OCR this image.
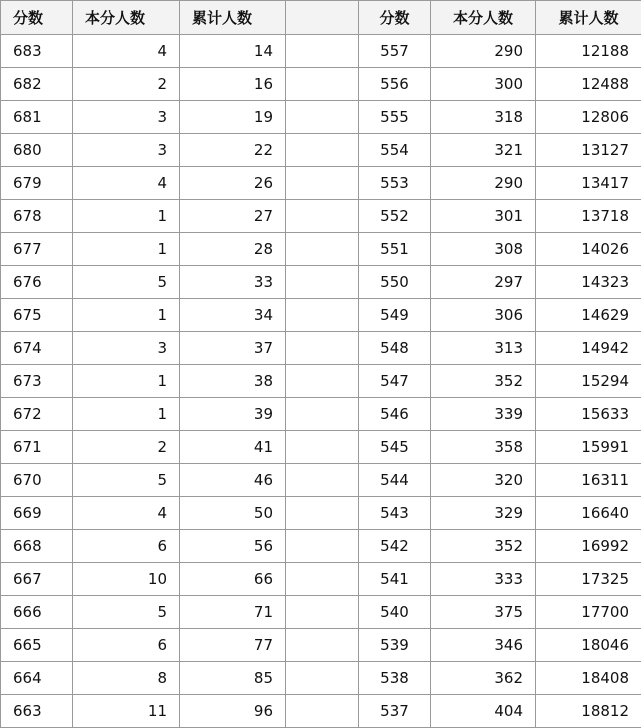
分数	本分人数	累计人数		分数	本分人数	累计人数
683	4	14		557	290	12188
682	2	16		556	300	12488
681	3	19		555	318	12806
680	3	22		554	321	13127
679	4	26		553	290	13417
678	1	27		552	301	13718
677	1	28		551	308	14026
676	5	33		550	297	14323
675	1	34		549	306	14629
674	3	37		548	313	14942
673	1	38		547	352	15294
672	1	39		546	339	15633
671	2	41		545	358	15991
670	5	46		544	320	16311
669	4	50		543	329	16640
668	6	56		542	352	16992
667	10	66		541	333	17325
666	5	71		540	375	17700
665	6	77		539	346	18046
664	8	85		538	362	18408
663	11	96		537	404	18812
